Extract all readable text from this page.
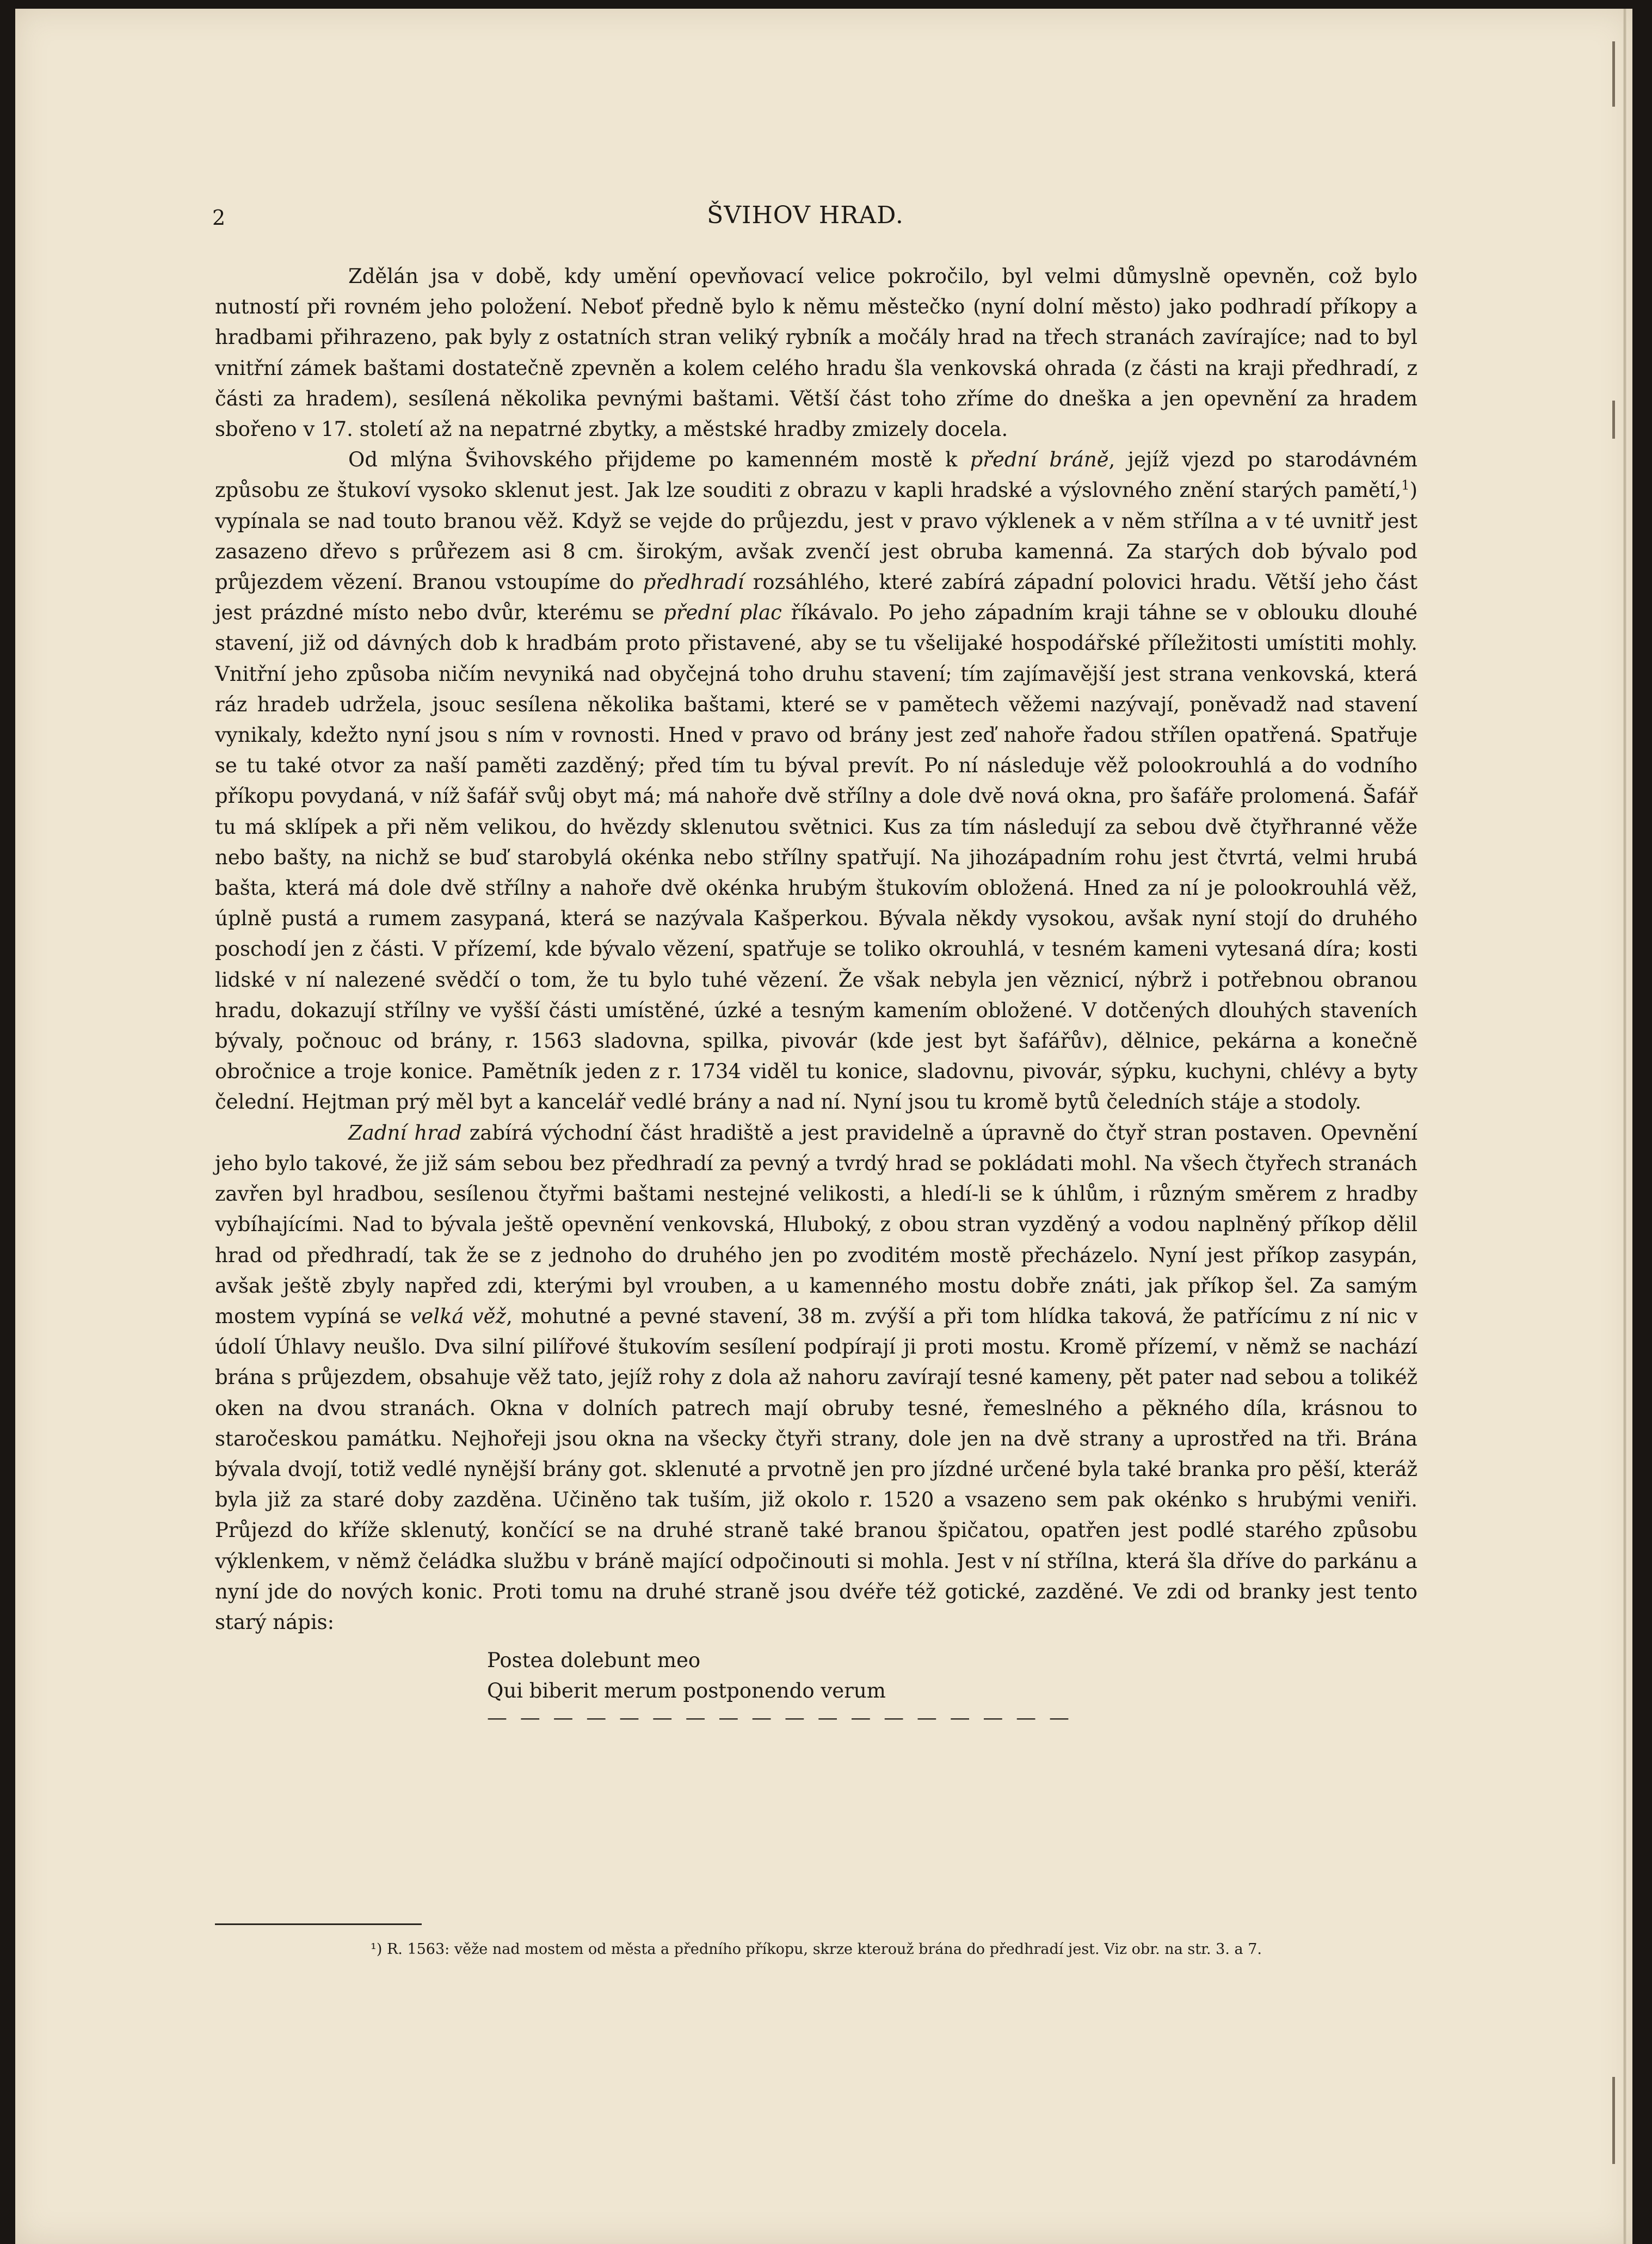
2	ŠVIHOV HRAD.

Zdělán jsa v době, kdy umění opevňovací velice pokročilo, byl velmi důmyslně opevněn, což bylo nutností při rovném jeho položení. Neboť předně bylo k němu městečko (nyní dolní město) jako podhradí příkopy a hradbami přihrazeno, pak byly z ostatních stran veliký rybník a močály hrad na třech stranách zavírajíce; nad to byl vnitřní zámek baštami dostatečně zpevněn a kolem celého hradu šla venkovská ohrada (z části na kraji předhradí, z části za hradem), sesílená několika pevnými baštami. Větší část toho zříme do dneška a jen opevnění za hradem sbořeno v 17. století až na nepatrné zbytky, a městské hradby zmizely docela.

Od mlýna Švihovského přijdeme po kamenném mostě k přední bráně, jejíž vjezd po starodávném způsobu ze štukoví vysoko sklenut jest. Jak lze souditi z obrazu v kapli hradské a výslovného znění starých pamětí,$^1$) vypínala se nad touto branou věž. Když se vejde do průjezdu, jest v pravo výklenek a v něm střílna a v té uvnitř jest zasazeno dřevo s průřezem asi 8 cm. širokým, avšak zvenčí jest obruba kamenná. Za starých dob bývalo pod průjezdem vězení. Branou vstoupíme do předhradí rozsáhlého, které zabírá západní polovici hradu. Větší jeho část jest prázdné místo nebo dvůr, kterému se přední plac říkávalo. Po jeho západním kraji táhne se v oblouku dlouhé stavení, již od dávných dob k hradbám proto přistavené, aby se tu všelijaké hospodářské příležitosti umístiti mohly. Vnitřní jeho způsoba ničím nevyniká nad obyčejná toho druhu stavení; tím zajímavější jest strana venkovská, která ráz hradeb udržela, jsouc sesílena několika baštami, které se v pamětech věžemi nazývají, poněvadž nad stavení vynikaly, kdežto nyní jsou s ním v rovnosti. Hned v pravo od brány jest zeď nahoře řadou střílen opatřená. Spatřuje se tu také otvor za naší paměti zazděný; před tím tu býval prevít. Po ní následuje věž polookrouhlá a do vodního příkopu povydaná, v níž šafář svůj obyt má; má nahoře dvě střílny a dole dvě nová okna, pro šafáře prolomená. Šafář tu má sklípek a při něm velikou, do hvězdy sklenutou světnici. Kus za tím následují za sebou dvě čtyřhranné věže nebo bašty, na nichž se buď starobylá okénka nebo střílny spatřují. Na jihozápadním rohu jest čtvrtá, velmi hrubá bašta, která má dole dvě střílny a nahoře dvě okénka hrubým štukovím obložená. Hned za ní je polookrouhlá věž, úplně pustá a rumem zasypaná, která se nazývala Kašperkou. Bývala někdy vysokou, avšak nyní stojí do druhého poschodí jen z části. V přízemí, kde bývalo vězení, spatřuje se toliko okrouhlá, v tesném kameni vytesaná díra; kosti lidské v ní nalezené svědčí o tom, že tu bylo tuhé vězení. Že však nebyla jen věznicí, nýbrž i potřebnou obranou hradu, dokazují střílny ve vyšší části umístěné, úzké a tesným kamením obložené. V dotčených dlouhých staveních bývaly, počnouc od brány, r. 1563 sladovna, spilka, pivovár (kde jest byt šafářův), dělnice, pekárna a konečně obročnice a troje konice. Pamětník jeden z r. 1734 viděl tu konice, sladovnu, pivovár, sýpku, kuchyni, chlévy a byty čelední. Hejtman prý měl byt a kancelář vedlé brány a nad ní. Nyní jsou tu kromě bytů čeledních stáje a stodoly.

Zadní hrad zabírá východní část hradiště a jest pravidelně a úpravně do čtyř stran postaven. Opevnění jeho bylo takové, že již sám sebou bez předhradí za pevný a tvrdý hrad se pokládati mohl. Na všech čtyřech stranách zavřen byl hradbou, sesílenou čtyřmi baštami nestejné velikosti, a hledí-li se k úhlům, i různým směrem z hradby vybíhajícími. Nad to bývala ještě opevnění venkovská, Hluboký, z obou stran vyzděný a vodou naplněný příkop dělil hrad od předhradí, tak že se z jednoho do druhého jen po zvoditém mostě přecházelo. Nyní jest příkop zasypán, avšak ještě zbyly napřed zdi, kterými byl vrouben, a u kamenného mostu dobře znáti, jak příkop šel. Za samým mostem vypíná se velká věž, mohutné a pevné stavení, 38 m. zvýší a při tom hlídka taková, že patřícímu z ní nic v údolí Úhlavy neušlo. Dva silní pilířové štukovím sesílení podpírají ji proti mostu. Kromě přízemí, v němž se nachází brána s průjezdem, obsahuje věž tato, jejíž rohy z dola až nahoru zavírají tesné kameny, pět pater nad sebou a tolikéž oken na dvou stranách. Okna v dolních patrech mají obruby tesné, řemeslného a pěkného díla, krásnou to staročeskou památku. Nejhořeji jsou okna na všecky čtyři strany, dole jen na dvě strany a uprostřed na tři. Brána bývala dvojí, totiž vedlé nynější brány got. sklenuté a prvotně jen pro jízdné určené byla také branka pro pěší, kteráž byla již za staré doby zazděna. Učiněno tak tuším, již okolo r. 1520 a vsazeno sem pak okénko s hrubými veniři. Průjezd do kříže sklenutý, končící se na druhé straně také branou špičatou, opatřen jest podlé starého způsobu výklenkem, v němž čeládka službu v bráně mající odpočinouti si mohla. Jest v ní střílna, která šla dříve do parkánu a nyní jde do nových konic. Proti tomu na druhé straně jsou dvéře též gotické, zazděné. Ve zdi od branky jest tento starý nápis:

Postea dolebunt meo
Qui biberit merum postponendo verum
— — — — — — — — — — — — — — — — — —
¹) R. 1563: věže nad mostem od města a předního příkopu, skrze kterouž brána do předhradí jest. Viz obr. na str. 3. a 7.
